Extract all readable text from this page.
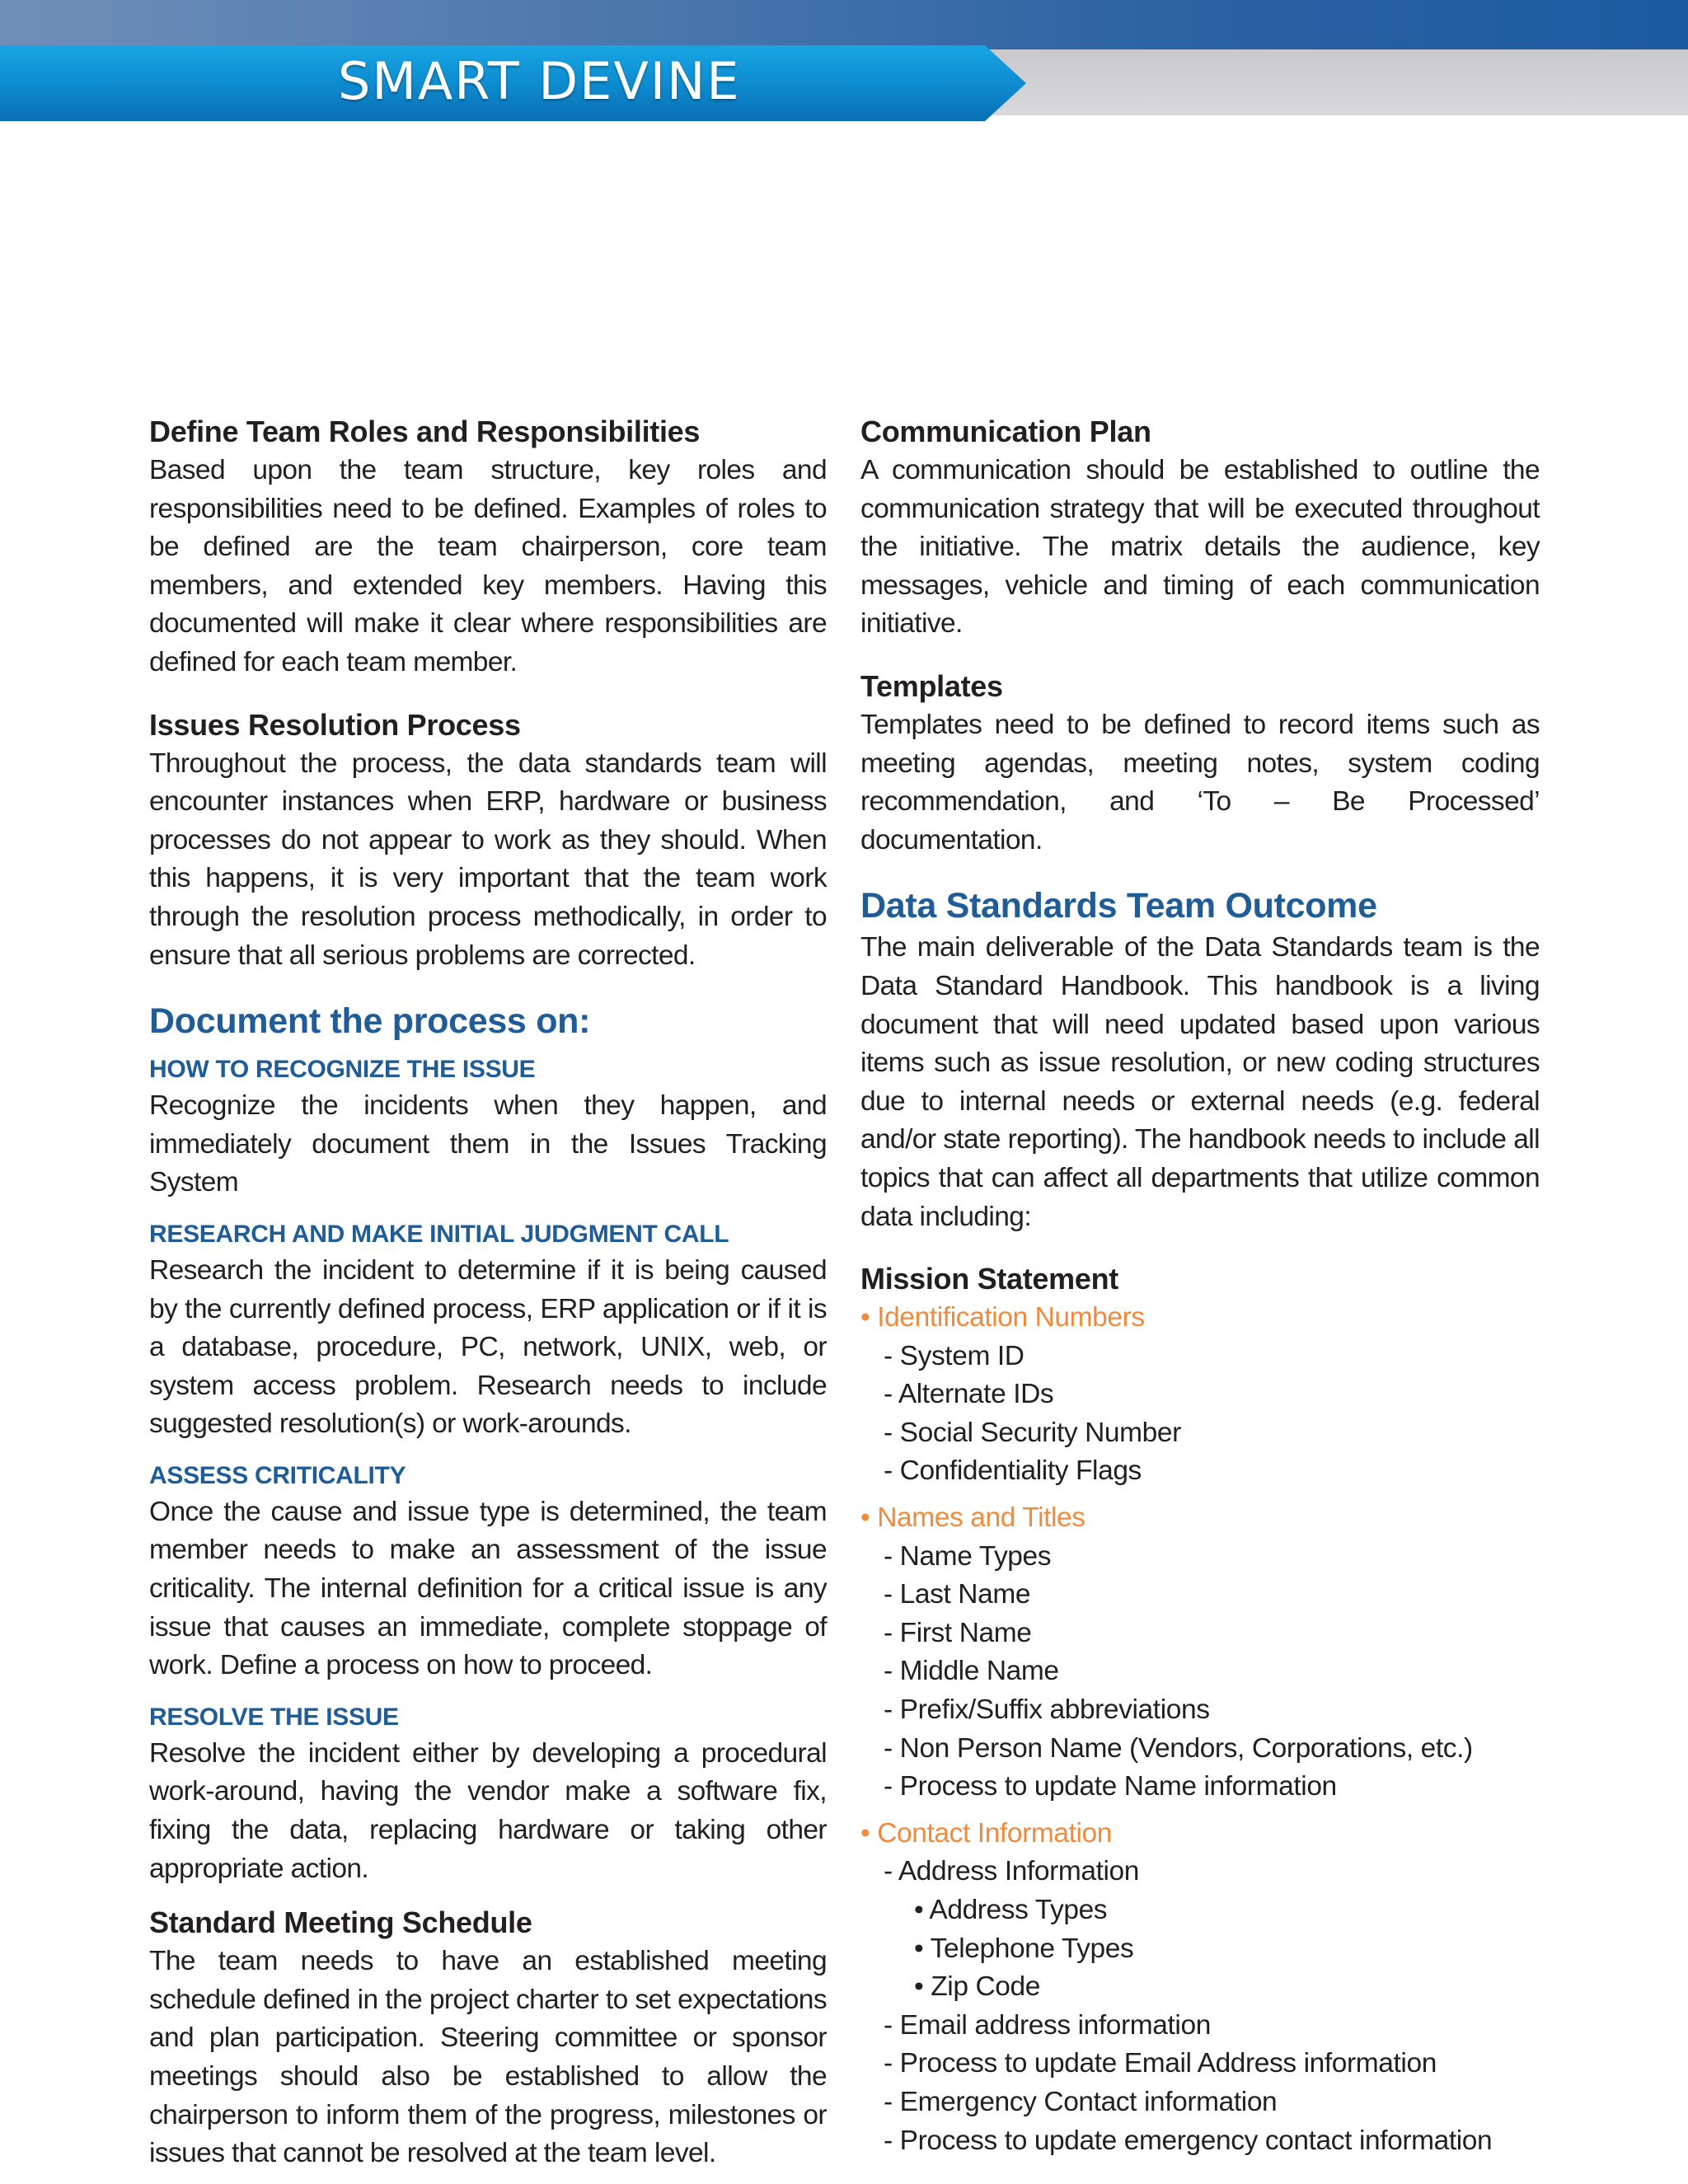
SMART DEVINE
Define Team Roles and Responsibilities

Based upon the team structure, key roles and responsibilities need to be defined. Examples of roles to be defined are the team chairperson, core team members, and extended key members. Having this documented will make it clear where responsibilities are defined for each team member.

Issues Resolution Process

Throughout the process, the data standards team will encounter instances when ERP, hardware or business processes do not appear to work as they should. When this happens, it is very important that the team work through the resolution process methodically, in order to ensure that all serious problems are corrected.

Document the process on:
HOW TO RECOGNIZE THE ISSUE

Recognize the incidents when they happen, and immediately document them in the Issues Tracking System

RESEARCH AND MAKE INITIAL JUDGMENT CALL

Research the incident to determine if it is being caused by the currently defined process, ERP application or if it is a database, procedure, PC, network, UNIX, web, or system access problem. Research needs to include suggested resolution(s) or work-arounds.

ASSESS CRITICALITY

Once the cause and issue type is determined, the team member needs to make an assessment of the issue criticality. The internal definition for a critical issue is any issue that causes an immediate, complete stoppage of work. Define a process on how to proceed.

RESOLVE THE ISSUE

Resolve the incident either by developing a procedural work-around, having the vendor make a software fix, fixing the data, replacing hardware or taking other appropriate action.

Standard Meeting Schedule

The team needs to have an established meeting schedule defined in the project charter to set expectations and plan participation. Steering committee or sponsor meetings should also be established to allow the chairperson to inform them of the progress, milestones or issues that cannot be resolved at the team level.

Communication Plan

A communication should be established to outline the communication strategy that will be executed throughout the initiative. The matrix details the audience, key messages, vehicle and timing of each communication initiative.

Templates

Templates need to be defined to record items such as meeting agendas, meeting notes, system coding recommendation, and ‘To – Be Processed’ documentation.

Data Standards Team Outcome

The main deliverable of the Data Standards team is the Data Standard Handbook. This handbook is a living document that will need updated based upon various items such as issue resolution, or new coding structures due to internal needs or external needs (e.g. federal and/or state reporting). The handbook needs to include all topics that can affect all departments that utilize common data including:

Mission Statement

• Identification Numbers

- System ID
- Alternate IDs
- Social Security Number
- Confidentiality Flags

• Names and Titles

- Name Types
- Last Name
- First Name
- Middle Name
- Prefix/Suffix abbreviations
- Non Person Name (Vendors, Corporations, etc.)
- Process to update Name information

• Contact Information

- Address Information
• Address Types
• Telephone Types
• Zip Code
- Email address information
- Process to update Email Address information
- Emergency Contact information
- Process to update emergency contact information
